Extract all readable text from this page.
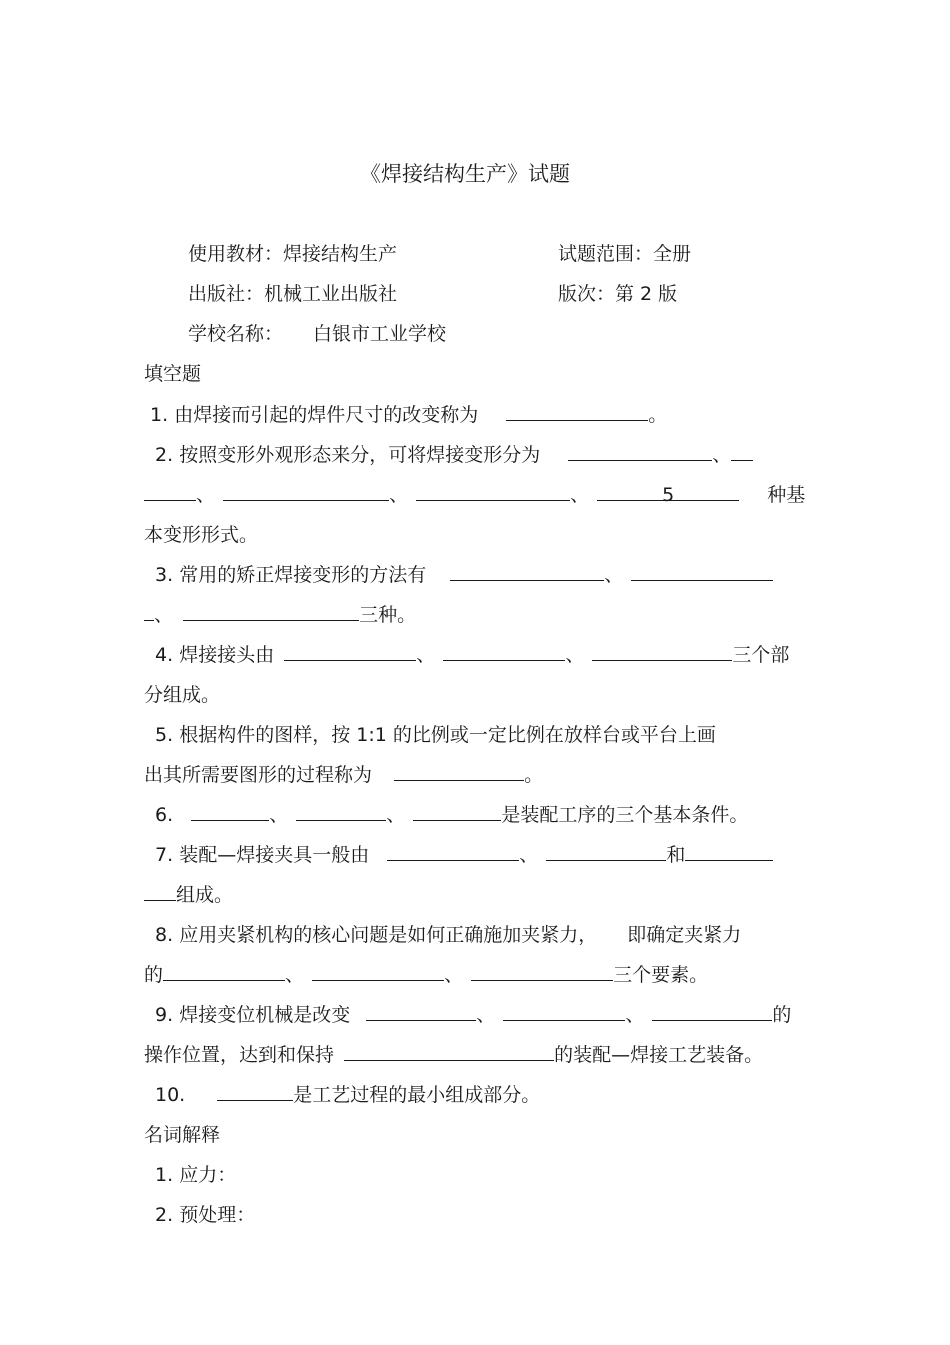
《焊接结构生产》试题
使用教材：焊接结构生产	试题范围：全册
出版社：机械工业出版社	版次：第 2 版
学校名称： 白银市工业学校
填空题
1. 由焊接而引起的焊件尺寸的改变称为	。
2. 按照变形外观形态来分，可将焊接变形分为	、
、	、	、	5	种基
本变形形式。
3. 常用的矫正焊接变形的方法有	、
、	三种。
4. 焊接接头由	、	、	三个部
分组成。
5. 根据构件的图样，按 1:1 的比例或一定比例在放样台或平台上画
出其所需要图形的过程称为	。
6.	、	、	是装配工序的三个基本条件。
7. 装配—焊接夹具一般由	、	和
组成。
8. 应用夹紧机构的核心问题是如何正确施加夹紧力， 即确定夹紧力
的	、	、	三个要素。
9. 焊接变位机械是改变	、	、	的
操作位置，达到和保持	的装配—焊接工艺装备。
10.	是工艺过程的最小组成部分。
名词解释
1. 应力：
2. 预处理：
